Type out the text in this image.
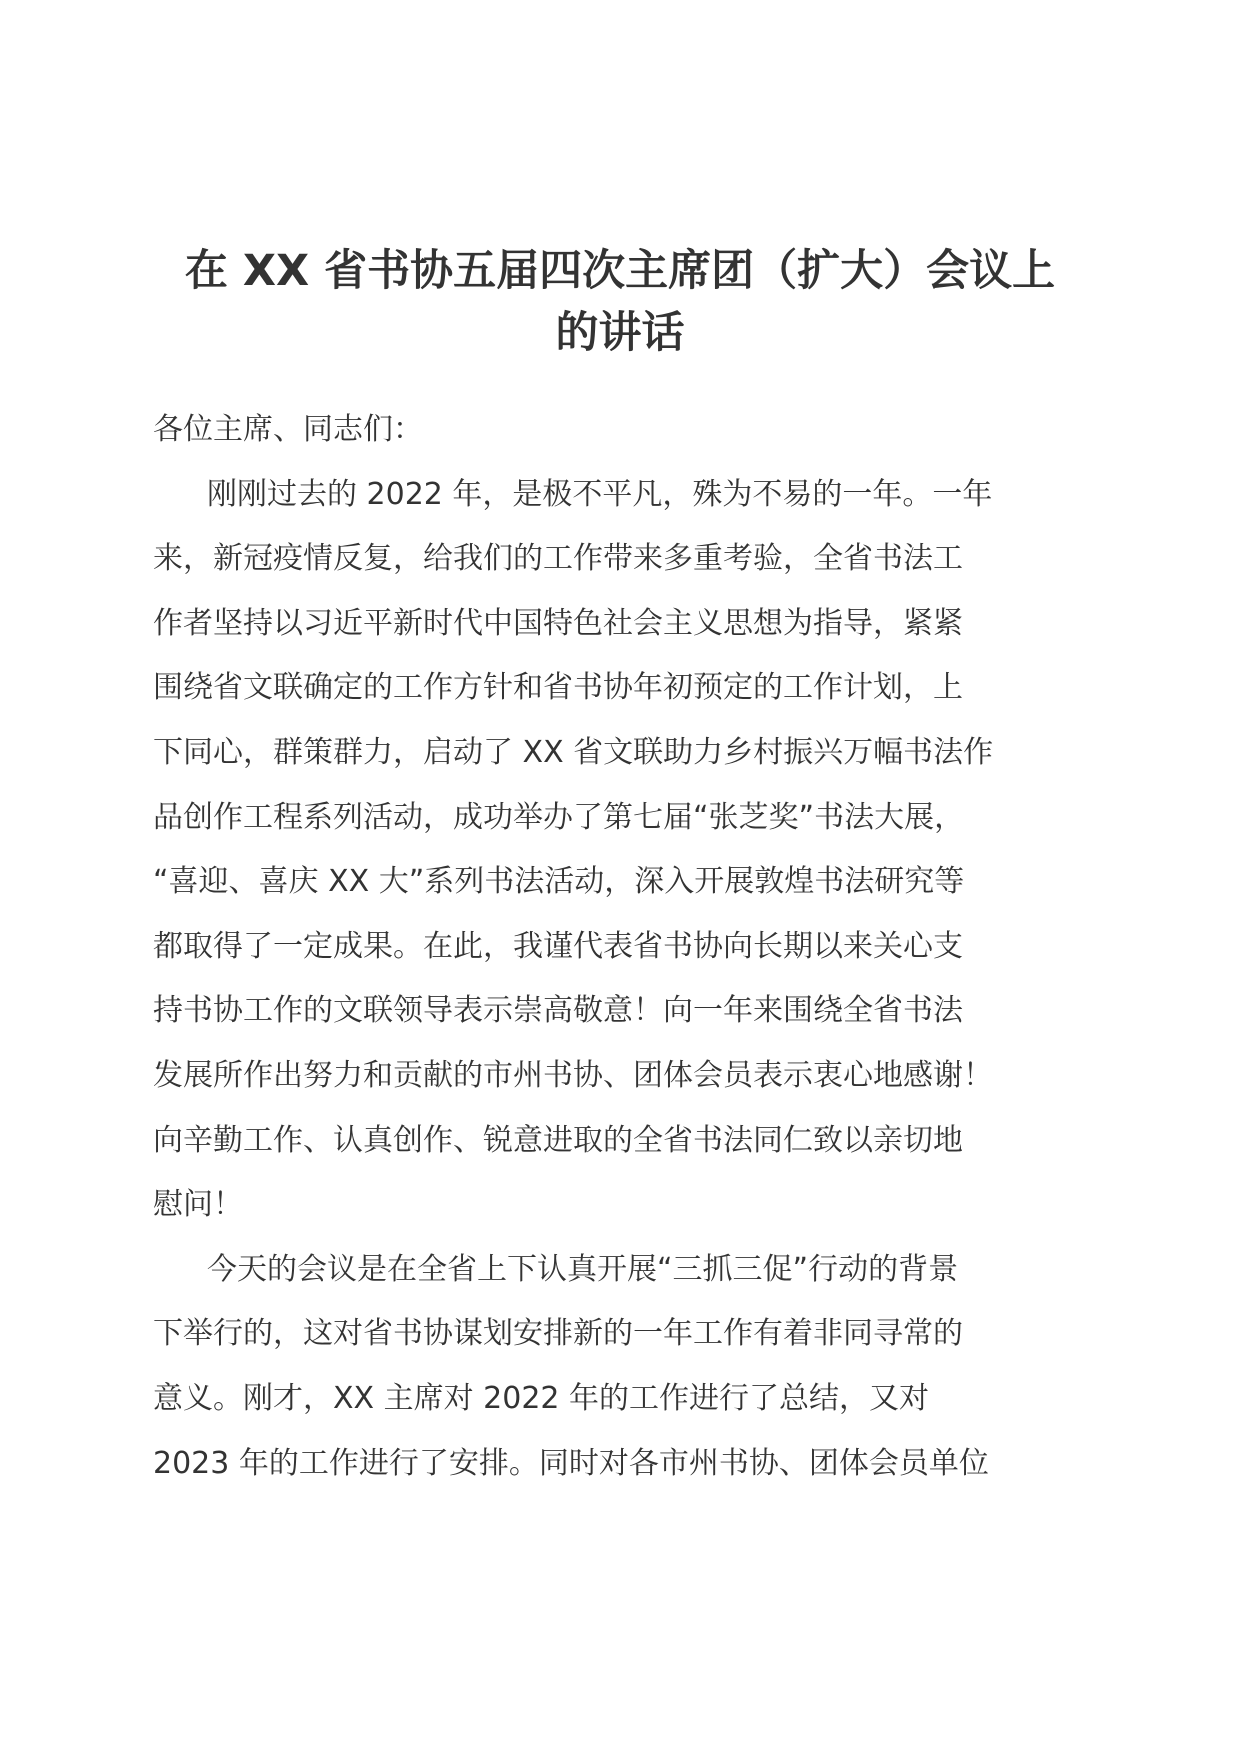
在 XX 省书协五届四次主席团（扩大）会议上
的讲话
各位主席、同志们：
刚刚过去的 2022 年，是极不平凡，殊为不易的一年。一年
来，新冠疫情反复，给我们的工作带来多重考验，全省书法工
作者坚持以习近平新时代中国特色社会主义思想为指导，紧紧
围绕省文联确定的工作方针和省书协年初预定的工作计划，上
下同心，群策群力，启动了 XX 省文联助力乡村振兴万幅书法作
品创作工程系列活动，成功举办了第七届“张芝奖”书法大展，
“喜迎、喜庆 XX 大”系列书法活动，深入开展敦煌书法研究等
都取得了一定成果。在此，我谨代表省书协向长期以来关心支
持书协工作的文联领导表示崇高敬意！向一年来围绕全省书法
发展所作出努力和贡献的市州书协、团体会员表示衷心地感谢！
向辛勤工作、认真创作、锐意进取的全省书法同仁致以亲切地
慰问！
今天的会议是在全省上下认真开展“三抓三促”行动的背景
下举行的，这对省书协谋划安排新的一年工作有着非同寻常的
意义。刚才，XX 主席对 2022 年的工作进行了总结，又对
2023 年的工作进行了安排。同时对各市州书协、团体会员单位
